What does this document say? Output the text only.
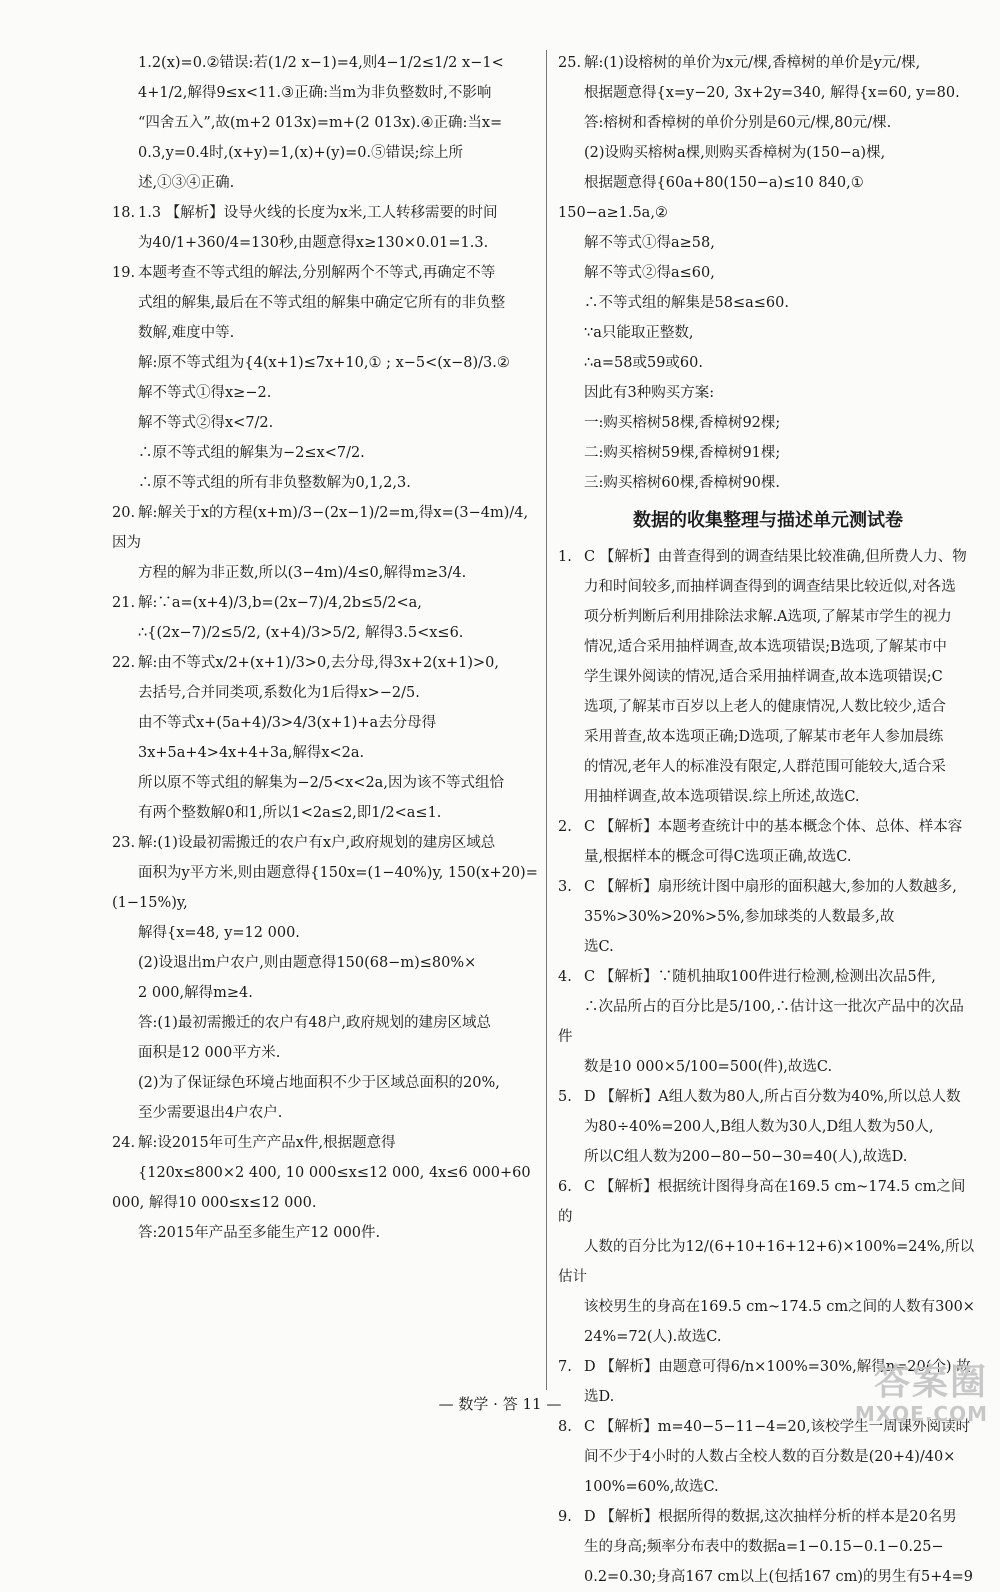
1.2(x)=0.②错误:若(1/2 x−1)=4,则4−1/2≤1/2 x−1<
4+1/2,解得9≤x<11.③正确:当m为非负整数时,不影响
“四舍五入”,故(m+2 013x)=m+(2 013x).④正确:当x=
0.3,y=0.4时,(x+y)=1,(x)+(y)=0.⑤错误;综上所
述,①③④正确.
18. 1.3 【解析】设导火线的长度为x米,工人转移需要的时间
为40/1+360/4=130秒,由题意得x≥130×0.01=1.3.
19. 本题考查不等式组的解法,分别解两个不等式,再确定不等
式组的解集,最后在不等式组的解集中确定它所有的非负整
数解,难度中等.
解:原不等式组为{4(x+1)≤7x+10,① ; x−5<(x−8)/3.②
解不等式①得x≥−2.
解不等式②得x<7/2.
∴原不等式组的解集为−2≤x<7/2.
∴原不等式组的所有非负整数解为0,1,2,3.
20. 解:解关于x的方程(x+m)/3−(2x−1)/2=m,得x=(3−4m)/4,因为
方程的解为非正数,所以(3−4m)/4≤0,解得m≥3/4.
21. 解:∵a=(x+4)/3,b=(2x−7)/4,2b≤5/2<a,
∴{(2x−7)/2≤5/2, (x+4)/3>5/2, 解得3.5<x≤6.
22. 解:由不等式x/2+(x+1)/3>0,去分母,得3x+2(x+1)>0,
去括号,合并同类项,系数化为1后得x>−2/5.
由不等式x+(5a+4)/3>4/3(x+1)+a去分母得
3x+5a+4>4x+4+3a,解得x<2a.
所以原不等式组的解集为−2/5<x<2a,因为该不等式组恰
有两个整数解0和1,所以1<2a≤2,即1/2<a≤1.
23. 解:(1)设最初需搬迁的农户有x户,政府规划的建房区域总
面积为y平方米,则由题意得{150x=(1−40%)y, 150(x+20)=(1−15%)y,
解得{x=48, y=12 000.
(2)设退出m户农户,则由题意得150(68−m)≤80%×
2 000,解得m≥4.
答:(1)最初需搬迁的农户有48户,政府规划的建房区域总
面积是12 000平方米.
(2)为了保证绿色环境占地面积不少于区域总面积的20%,
至少需要退出4户农户.
24. 解:设2015年可生产产品x件,根据题意得
{120x≤800×2 400, 10 000≤x≤12 000, 4x≤6 000+60 000, 解得10 000≤x≤12 000.
答:2015年产品至多能生产12 000件.
25. 解:(1)设榕树的单价为x元/棵,香樟树的单价是y元/棵,
根据题意得{x=y−20, 3x+2y=340, 解得{x=60, y=80.
答:榕树和香樟树的单价分别是60元/棵,80元/棵.
(2)设购买榕树a棵,则购买香樟树为(150−a)棵,
根据题意得{60a+80(150−a)≤10 840,① 150−a≥1.5a,②
解不等式①得a≥58,
解不等式②得a≤60,
∴不等式组的解集是58≤a≤60.
∵a只能取正整数,
∴a=58或59或60.
因此有3种购买方案:
一:购买榕树58棵,香樟树92棵;
二:购买榕树59棵,香樟树91棵;
三:购买榕树60棵,香樟树90棵.
数据的收集整理与描述单元测试卷
1. C 【解析】由普查得到的调查结果比较准确,但所费人力、物
力和时间较多,而抽样调查得到的调查结果比较近似,对各选
项分析判断后利用排除法求解.A选项,了解某市学生的视力
情况,适合采用抽样调查,故本选项错误;B选项,了解某市中
学生课外阅读的情况,适合采用抽样调查,故本选项错误;C
选项,了解某市百岁以上老人的健康情况,人数比较少,适合
采用普查,故本选项正确;D选项,了解某市老年人参加晨练
的情况,老年人的标准没有限定,人群范围可能较大,适合采
用抽样调查,故本选项错误.综上所述,故选C.
2. C 【解析】本题考查统计中的基本概念个体、总体、样本容
量,根据样本的概念可得C选项正确,故选C.
3. C 【解析】扇形统计图中扇形的面积越大,参加的人数越多,
35%>30%>20%>5%,参加球类的人数最多,故
选C.
4. C 【解析】∵随机抽取100件进行检测,检测出次品5件,
∴次品所占的百分比是5/100,∴估计这一批次产品中的次品件
数是10 000×5/100=500(件),故选C.
5. D 【解析】A组人数为80人,所占百分数为40%,所以总人数
为80÷40%=200人,B组人数为30人,D组人数为50人,
所以C组人数为200−80−50−30=40(人),故选D.
6. C 【解析】根据统计图得身高在169.5 cm~174.5 cm之间的
人数的百分比为12/(6+10+16+12+6)×100%=24%,所以估计
该校男生的身高在169.5 cm~174.5 cm之间的人数有300×
24%=72(人).故选C.
7. D 【解析】由题意可得6/n×100%=30%,解得n=20(个).故
选D.
8. C 【解析】m=40−5−11−4=20,该校学生一周课外阅读时
间不少于4小时的人数占全校人数的百分数是(20+4)/40×
100%=60%,故选C.
9. D 【解析】根据所得的数据,这次抽样分析的样本是20名男
生的身高;频率分布表中的数据a=1−0.15−0.1−0.25−
0.2=0.30;身高167 cm以上(包括167 cm)的男生有5+4=9
— 数学 · 答 11 —
答案圈
MXQE.COM
